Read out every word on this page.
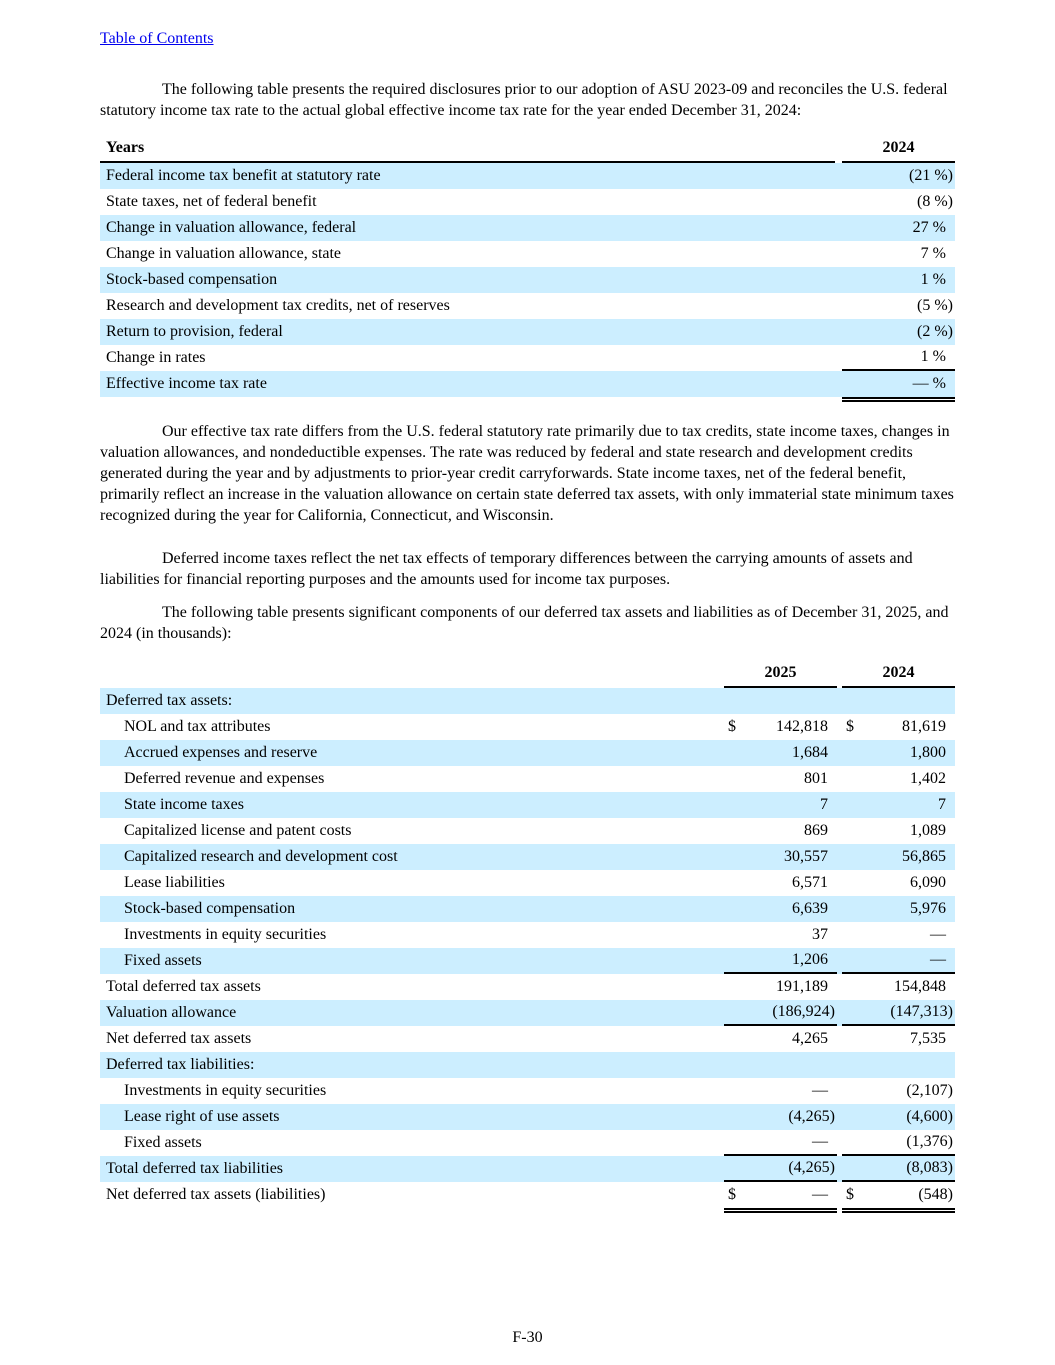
Table of Contents

The following table presents the required disclosures prior to our adoption of ASU 2023-09 and reconciles the U.S. federal statutory income tax rate to the actual global effective income tax rate for the year ended December 31, 2024:

Years	2024
Federal income tax benefit at statutory rate	(21 %)
State taxes, net of federal benefit	(8 %)
Change in valuation allowance, federal	27 %
Change in valuation allowance, state	7 %
Stock-based compensation	1 %
Research and development tax credits, net of reserves	(5 %)
Return to provision, federal	(2 %)
Change in rates	1 %
Effective income tax rate	— %

Our effective tax rate differs from the U.S. federal statutory rate primarily due to tax credits, state income taxes, changes in valuation allowances, and nondeductible expenses. The rate was reduced by federal and state research and development credits generated during the year and by adjustments to prior-year credit carryforwards. State income taxes, net of the federal benefit, primarily reflect an increase in the valuation allowance on certain state deferred tax assets, with only immaterial state minimum taxes recognized during the year for California, Connecticut, and Wisconsin.

Deferred income taxes reflect the net tax effects of temporary differences between the carrying amounts of assets and liabilities for financial reporting purposes and the amounts used for income tax purposes.

The following table presents significant components of our deferred tax assets and liabilities as of December 31, 2025, and 2024 (in thousands):

2025	2024
Deferred tax assets:
NOL and tax attributes	$	142,818	$	81,619
Accrued expenses and reserve	1,684	1,800
Deferred revenue and expenses	801	1,402
State income taxes	7	7
Capitalized license and patent costs	869	1,089
Capitalized research and development cost	30,557	56,865
Lease liabilities	6,571	6,090
Stock-based compensation	6,639	5,976
Investments in equity securities	37	—
Fixed assets	1,206	—
Total deferred tax assets	191,189	154,848
Valuation allowance	(186,924)	(147,313)
Net deferred tax assets	4,265	7,535
Deferred tax liabilities:
Investments in equity securities	—	(2,107)
Lease right of use assets	(4,265)	(4,600)
Fixed assets	—	(1,376)
Total deferred tax liabilities	(4,265)	(8,083)
Net deferred tax assets (liabilities)	$	—	$	(548)
F-30
